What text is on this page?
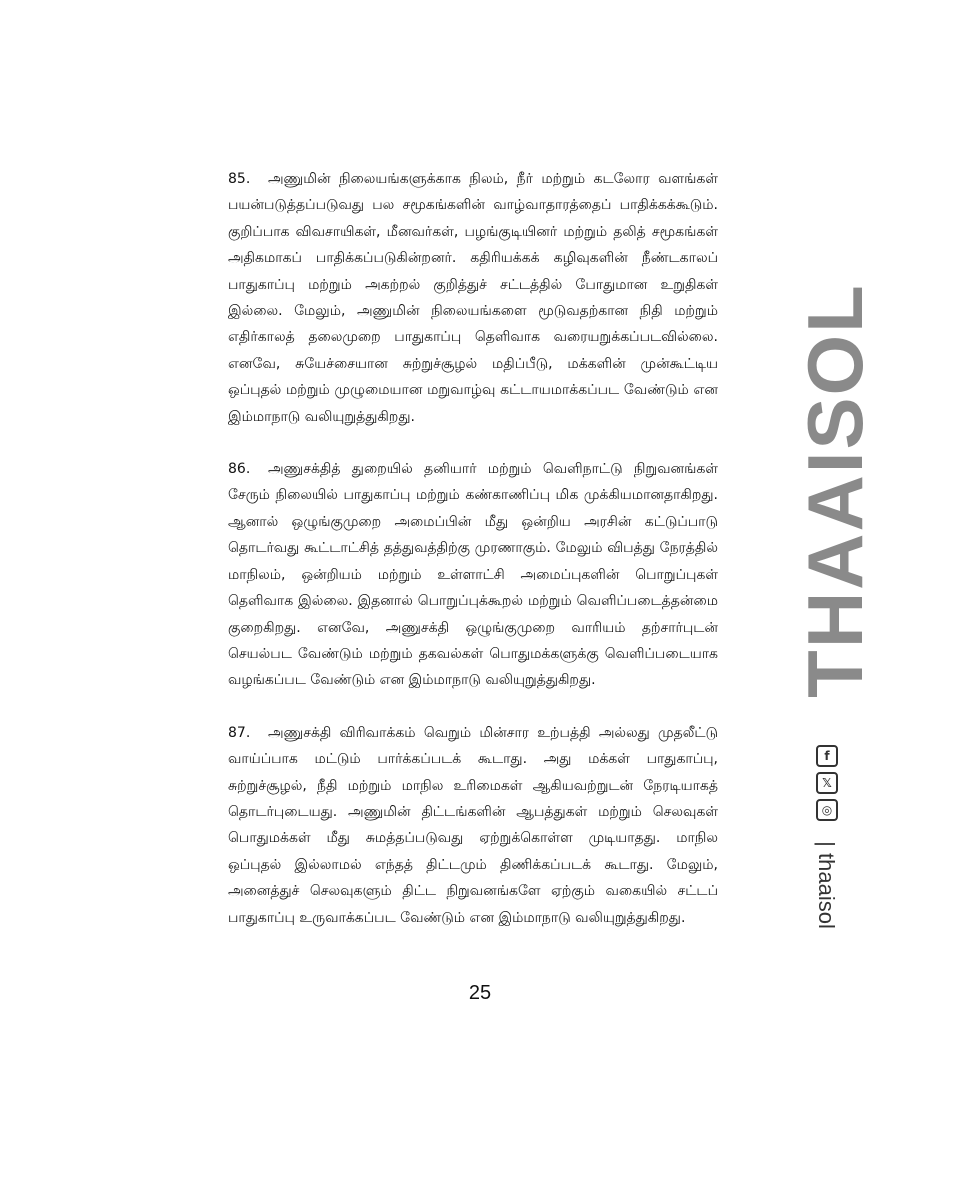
85. அணுமின் நிலையங்களுக்காக நிலம், நீர் மற்றும் கடலோர வளங்கள் பயன்படுத்தப்படுவது பல சமூகங்களின் வாழ்வாதாரத்தைப் பாதிக்கக்கூடும். குறிப்பாக விவசாயிகள், மீனவர்கள், பழங்குடியினர் மற்றும் தலித் சமூகங்கள் அதிகமாகப் பாதிக்கப்படுகின்றனர். கதிரியக்கக் கழிவுகளின் நீண்டகாலப் பாதுகாப்பு மற்றும் அகற்றல் குறித்துச் சட்டத்தில் போதுமான உறுதிகள் இல்லை. மேலும், அணுமின் நிலையங்களை மூடுவதற்கான நிதி மற்றும் எதிர்காலத் தலைமுறை பாதுகாப்பு தெளிவாக வரையறுக்கப்படவில்லை. எனவே, சுயேச்சையான சுற்றுச்சூழல் மதிப்பீடு, மக்களின் முன்கூட்டிய ஒப்புதல் மற்றும் முழுமையான மறுவாழ்வு கட்டாயமாக்கப்பட வேண்டும் என இம்மாநாடு வலியுறுத்துகிறது.

86. அணுசக்தித் துறையில் தனியார் மற்றும் வெளிநாட்டு நிறுவனங்கள் சேரும் நிலையில் பாதுகாப்பு மற்றும் கண்காணிப்பு மிக முக்கியமானதாகிறது. ஆனால் ஒழுங்குமுறை அமைப்பின் மீது ஒன்றிய அரசின் கட்டுப்பாடு தொடர்வது கூட்டாட்சித் தத்துவத்திற்கு முரணாகும். மேலும் விபத்து நேரத்தில் மாநிலம், ஒன்றியம் மற்றும் உள்ளாட்சி அமைப்புகளின் பொறுப்புகள் தெளிவாக இல்லை. இதனால் பொறுப்புக்கூறல் மற்றும் வெளிப்படைத்தன்மை குறைகிறது. எனவே, அணுசக்தி ஒழுங்குமுறை வாரியம் தற்சார்புடன் செயல்பட வேண்டும் மற்றும் தகவல்கள் பொதுமக்களுக்கு வெளிப்படையாக வழங்கப்பட வேண்டும் என இம்மாநாடு வலியுறுத்துகிறது.

87. அணுசக்தி விரிவாக்கம் வெறும் மின்சார உற்பத்தி அல்லது முதலீட்டு வாய்ப்பாக மட்டும் பார்க்கப்படக் கூடாது. அது மக்கள் பாதுகாப்பு, சுற்றுச்சூழல், நீதி மற்றும் மாநில உரிமைகள் ஆகியவற்றுடன் நேரடியாகத் தொடர்புடையது. அணுமின் திட்டங்களின் ஆபத்துகள் மற்றும் செலவுகள் பொதுமக்கள் மீது சுமத்தப்படுவது ஏற்றுக்கொள்ள முடியாதது. மாநில ஒப்புதல் இல்லாமல் எந்தத் திட்டமும் திணிக்கப்படக் கூடாது. மேலும், அனைத்துச் செலவுகளும் திட்ட நிறுவனங்களே ஏற்கும் வகையில் சட்டப் பாதுகாப்பு உருவாக்கப்பட வேண்டும் என இம்மாநாடு வலியுறுத்துகிறது.

THAAISOL
f
𝕏
◎
| thaaisol
25
